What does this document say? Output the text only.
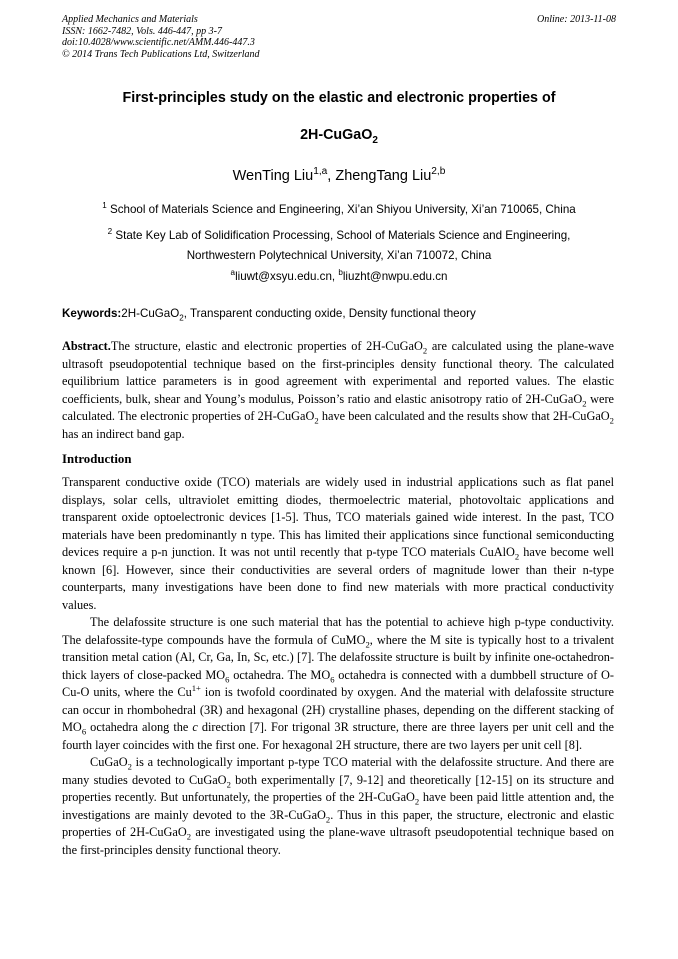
Applied Mechanics and Materials
ISSN: 1662-7482, Vols. 446-447, pp 3-7
doi:10.4028/www.scientific.net/AMM.446-447.3
© 2014 Trans Tech Publications Ltd, Switzerland
Online: 2013-11-08
First-principles study on the elastic and electronic properties of
2H-CuGaO$_2$
WenTing Liu$^{1,a}$, ZhengTang Liu$^{2,b}$
$^1$ School of Materials Science and Engineering, Xi’an Shiyou University, Xi’an 710065, China
$^2$ State Key Lab of Solidification Processing, School of Materials Science and Engineering,
Northwestern Polytechnical University, Xi’an 710072, China
$^a$liuwt@xsyu.edu.cn, $^b$liuzht@nwpu.edu.cn
Keywords:2H-CuGaO$_2$, Transparent conducting oxide, Density functional theory
Abstract.The structure, elastic and electronic properties of 2H-CuGaO$_2$ are calculated using the plane-wave ultrasoft pseudopotential technique based on the first-principles density functional theory. The calculated equilibrium lattice parameters is in good agreement with experimental and reported values. The elastic coefficients, bulk, shear and Young’s modulus, Poisson’s ratio and elastic anisotropy ratio of 2H-CuGaO$_2$ were calculated. The electronic properties of 2H-CuGaO$_2$ have been calculated and the results show that 2H-CuGaO$_2$ has an indirect band gap.
Introduction

Transparent conductive oxide (TCO) materials are widely used in industrial applications such as flat panel displays, solar cells, ultraviolet emitting diodes, thermoelectric material, photovoltaic applications and transparent oxide optoelectronic devices [1-5]. Thus, TCO materials gained wide interest. In the past, TCO materials have been predominantly n type. This has limited their applications since functional semiconducting devices require a p-n junction. It was not until recently that p-type TCO materials CuAlO$_2$ have become well known [6]. However, since their conductivities are several orders of magnitude lower than their n-type counterparts, many investigations have been done to find new materials with more practical conductivity values.

The delafossite structure is one such material that has the potential to achieve high p-type conductivity. The delafossite-type compounds have the formula of CuMO$_2$, where the M site is typically host to a trivalent transition metal cation (Al, Cr, Ga, In, Sc, etc.) [7]. The delafossite structure is built by infinite one-octahedron-thick layers of close-packed $MO_6$ octahedra. The $MO_6$ octahedra is connected with a dumbbell structure of O-Cu-O units, where the $Cu^{1+}$ ion is twofold coordinated by oxygen. And the material with delafossite structure can occur in rhombohedral (3R) and hexagonal (2H) crystalline phases, depending on the different stacking of $MO_6$ octahedra along the c direction [7]. For trigonal 3R structure, there are three layers per unit cell and the fourth layer coincides with the first one. For hexagonal 2H structure, there are two layers per unit cell [8].

CuGaO$_2$ is a technologically important p-type TCO material with the delafossite structure. And there are many studies devoted to CuGaO$_2$ both experimentally [7, 9-12] and theoretically [12-15] on its structure and properties recently. But unfortunately, the properties of the 2H-CuGaO$_2$ have been paid little attention and, the investigations are mainly devoted to the 3R-CuGaO$_2$. Thus in this paper, the structure, electronic and elastic properties of 2H-CuGaO$_2$ are investigated using the plane-wave ultrasoft pseudopotential technique based on the first-principles density functional theory.
